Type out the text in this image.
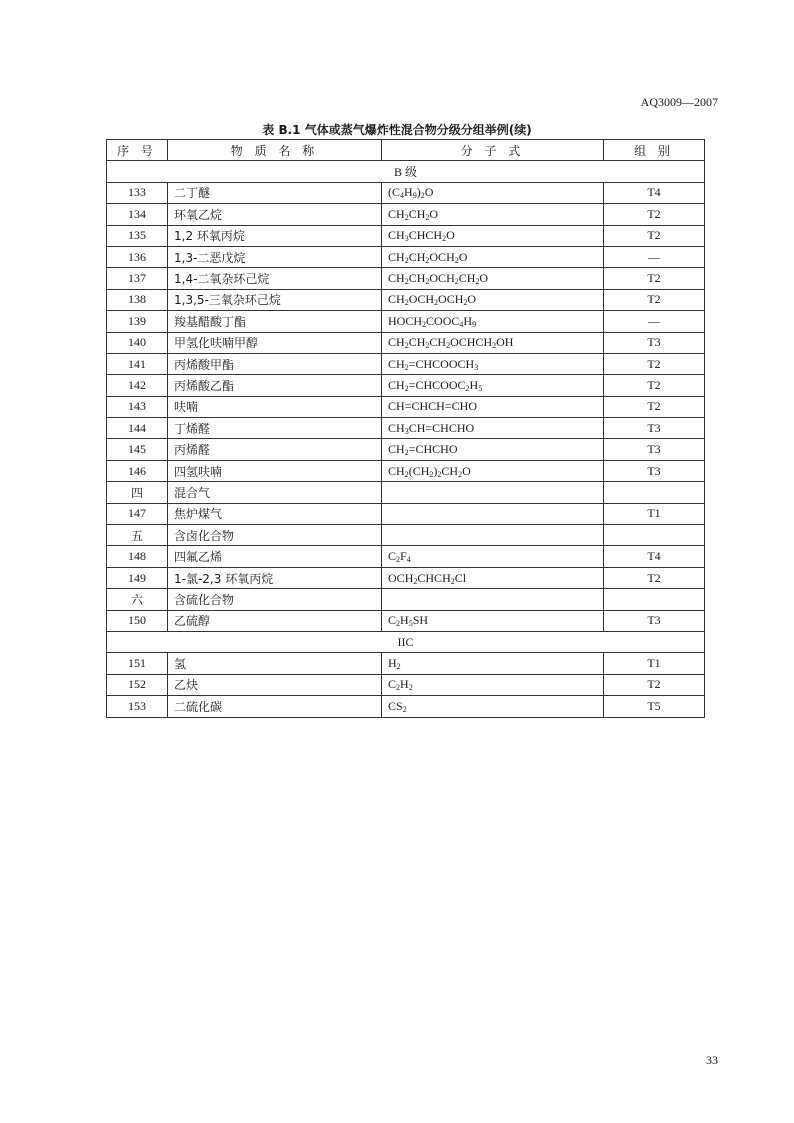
AQ3009—2007
表 B.1 气体或蒸气爆炸性混合物分级分组举例(续)
序 号	物 质 名 称	分 子 式	组 别
B 级			
133	二丁醚	$(C_4H_9)_2O$	T4
134	环氧乙烷	$CH_2CH_2O$	T2
135	1,2 环氧丙烷	$CH_3CHCH_2O$	T2
136	1,3-二恶戊烷	$CH_2CH_2OCH_2O$	—
137	1,4-二氧杂环己烷	$CH_2CH_2OCH_2CH_2O$	T2
138	1,3,5-三氧杂环己烷	$CH_2OCH_2OCH_2O$	T2
139	羧基醋酸丁酯	$HOCH_2COOC_4H_9$	—
140	甲氢化呋喃甲醇	$CH_2CH_2CH_2OCHCH_2OH$	T3
141	丙烯酸甲酯	$CH_2=CHCOOCH_3$	T2
142	丙烯酸乙酯	$CH_2=CHCOOC_2H_5$	T2
143	呋喃	CH=CHCH=CHO	T2
144	丁烯醛	$CH_3CH=CHCHO$	T3
145	丙烯醛	$CH_2=CHCHO$	T3
146	四氢呋喃	$CH_2(CH_2)_2CH_2O$	T3
四	混合气		
147	焦炉煤气		T1
五	含卤化合物		
148	四氟乙烯	$C_2F_4$	T4
149	1-氯-2,3 环氧丙烷	$OCH_2CHCH_2Cl$	T2
六	含硫化合物		
150	乙硫醇	$C_2H_5SH$	T3
IIC			
151	氢	$H_2$	T1
152	乙炔	$C_2H_2$	T2
153	二硫化碳	$CS_2$	T5
33
